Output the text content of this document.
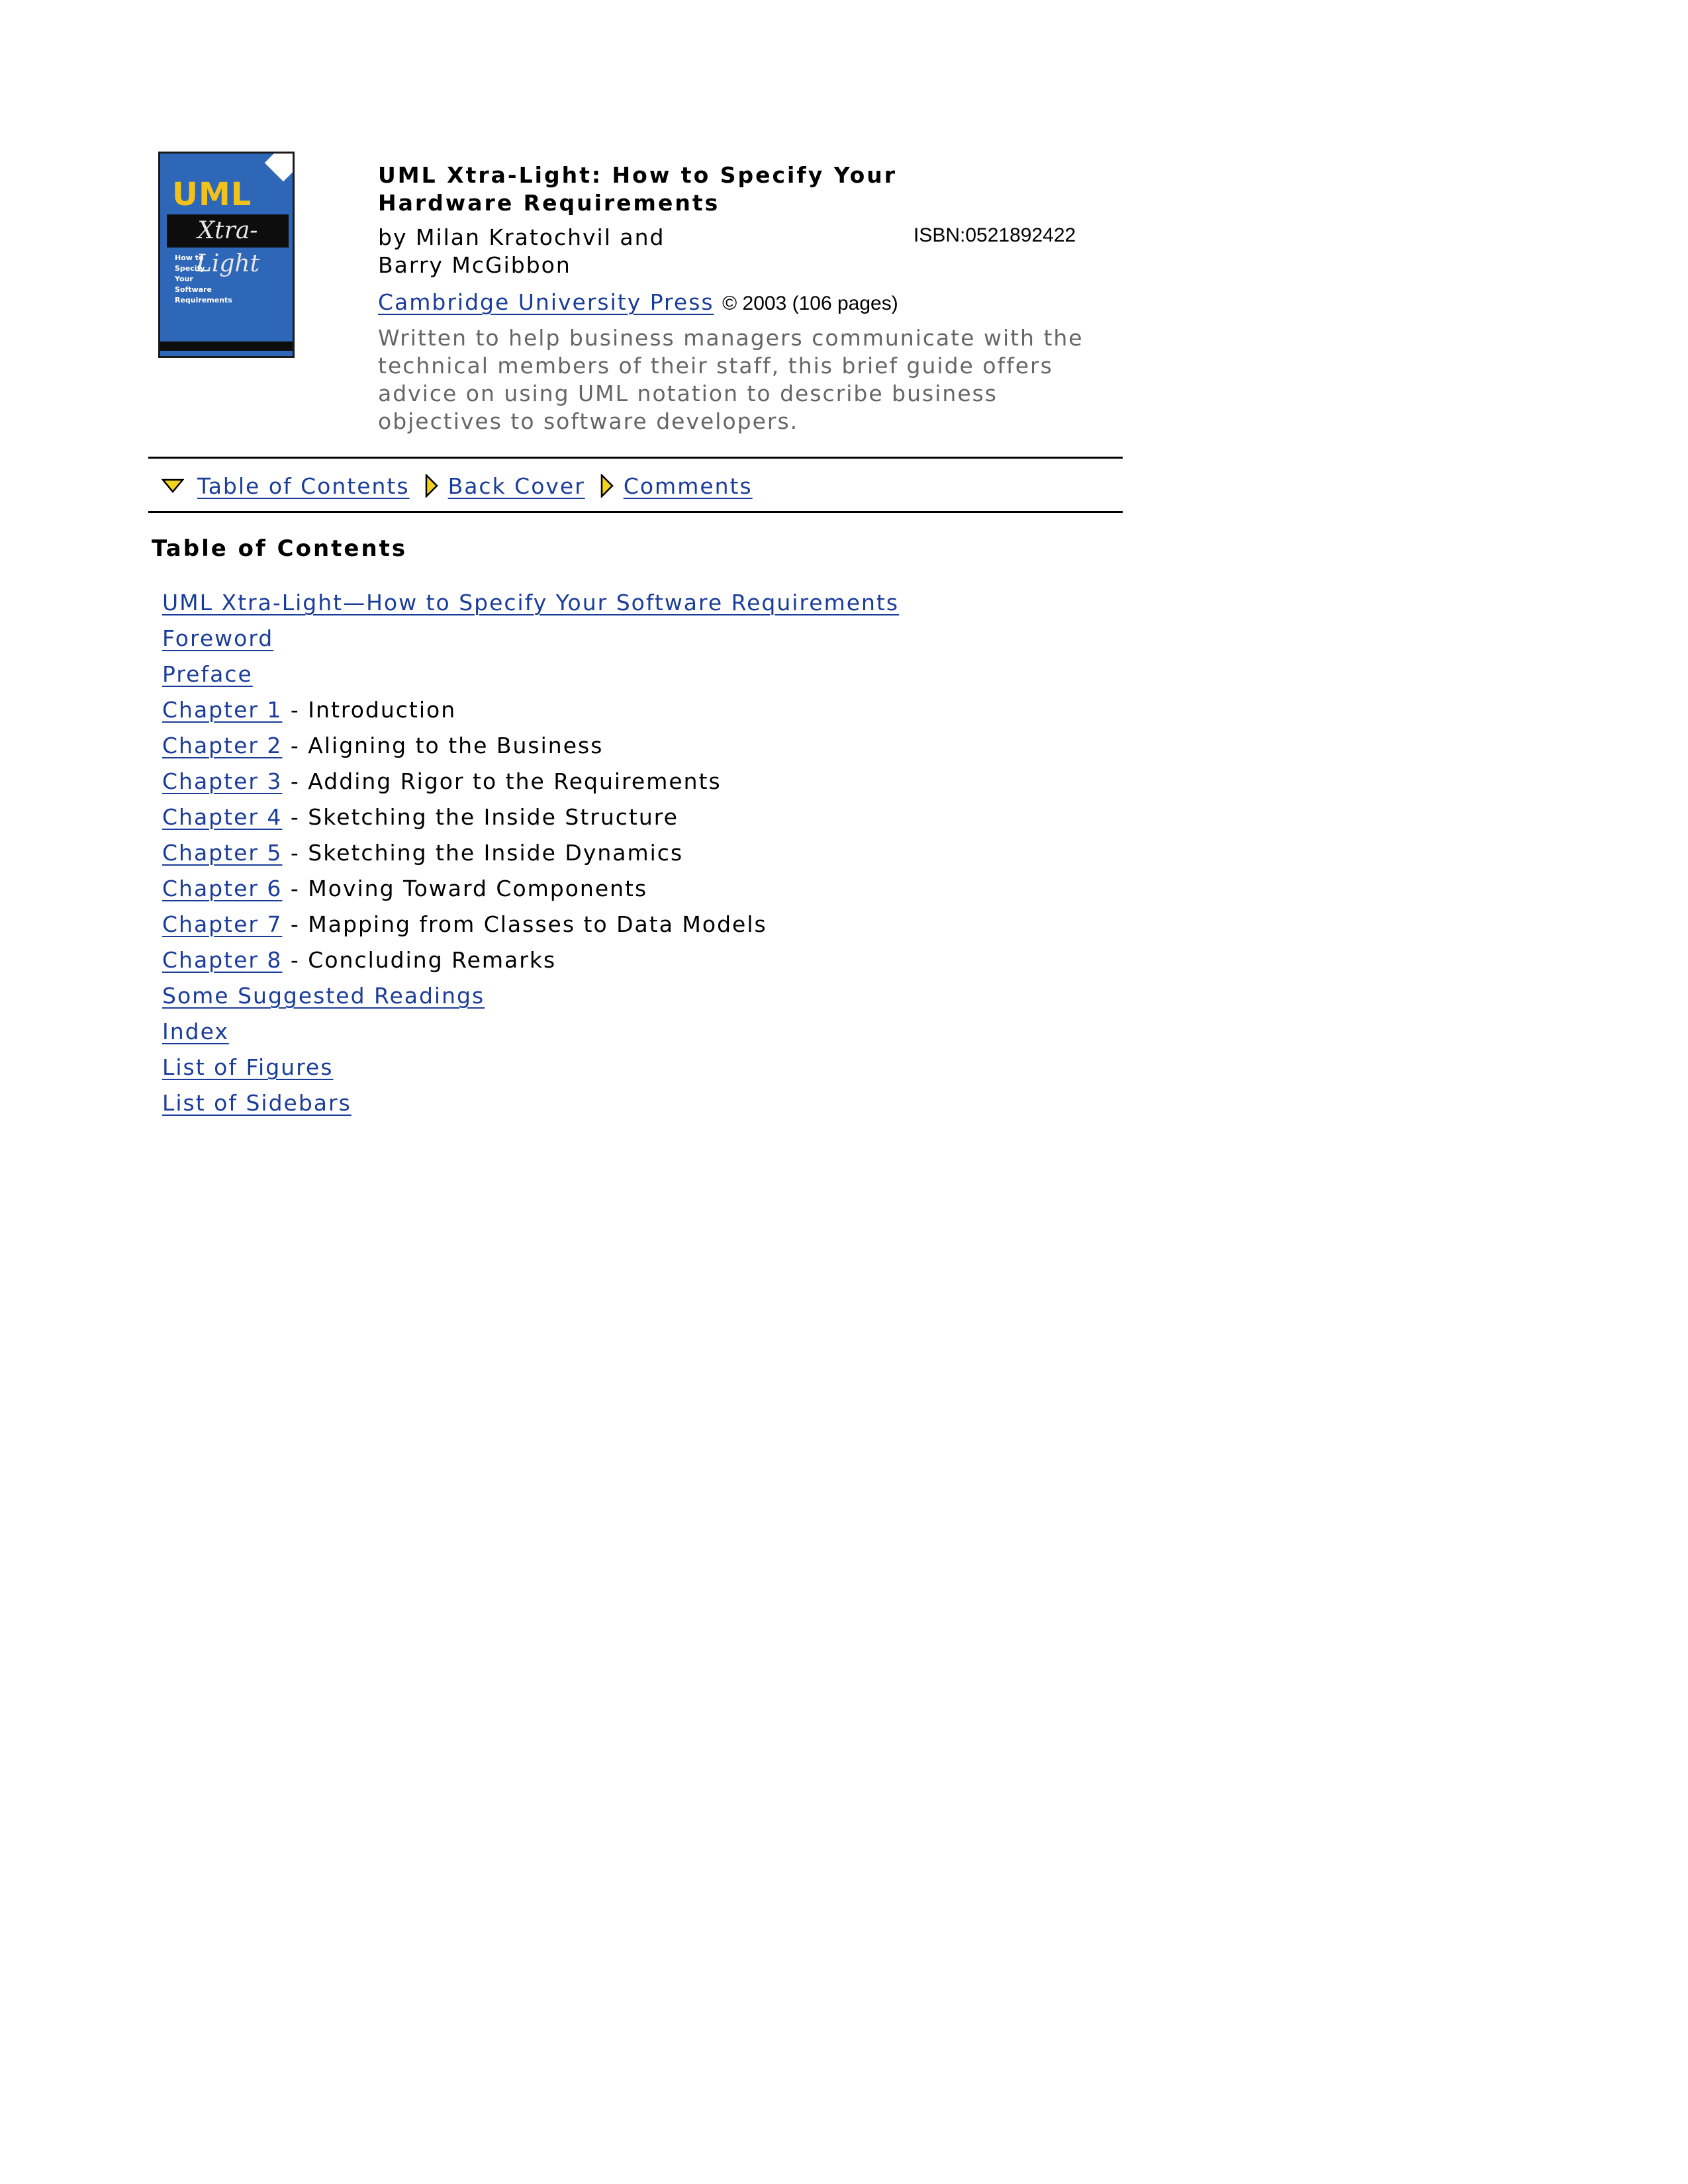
UML
Xtra-Light
How to
Specify
Your
Software
Requirements
UML Xtra-Light: How to Specify Your Hardware Requirements
by Milan Kratochvil and Barry McGibbon
ISBN:0521892422
Cambridge University Press © 2003 (106 pages)
Written to help business managers communicate with the technical members of their staff, this brief guide offers advice on using UML notation to describe business objectives to software developers.
Table of Contents Back Cover Comments
Table of Contents
UML Xtra-Light—How to Specify Your Software Requirements
Foreword
Preface
Chapter 1 - Introduction
Chapter 2 - Aligning to the Business
Chapter 3 - Adding Rigor to the Requirements
Chapter 4 - Sketching the Inside Structure
Chapter 5 - Sketching the Inside Dynamics
Chapter 6 - Moving Toward Components
Chapter 7 - Mapping from Classes to Data Models
Chapter 8 - Concluding Remarks
Some Suggested Readings
Index
List of Figures
List of Sidebars
